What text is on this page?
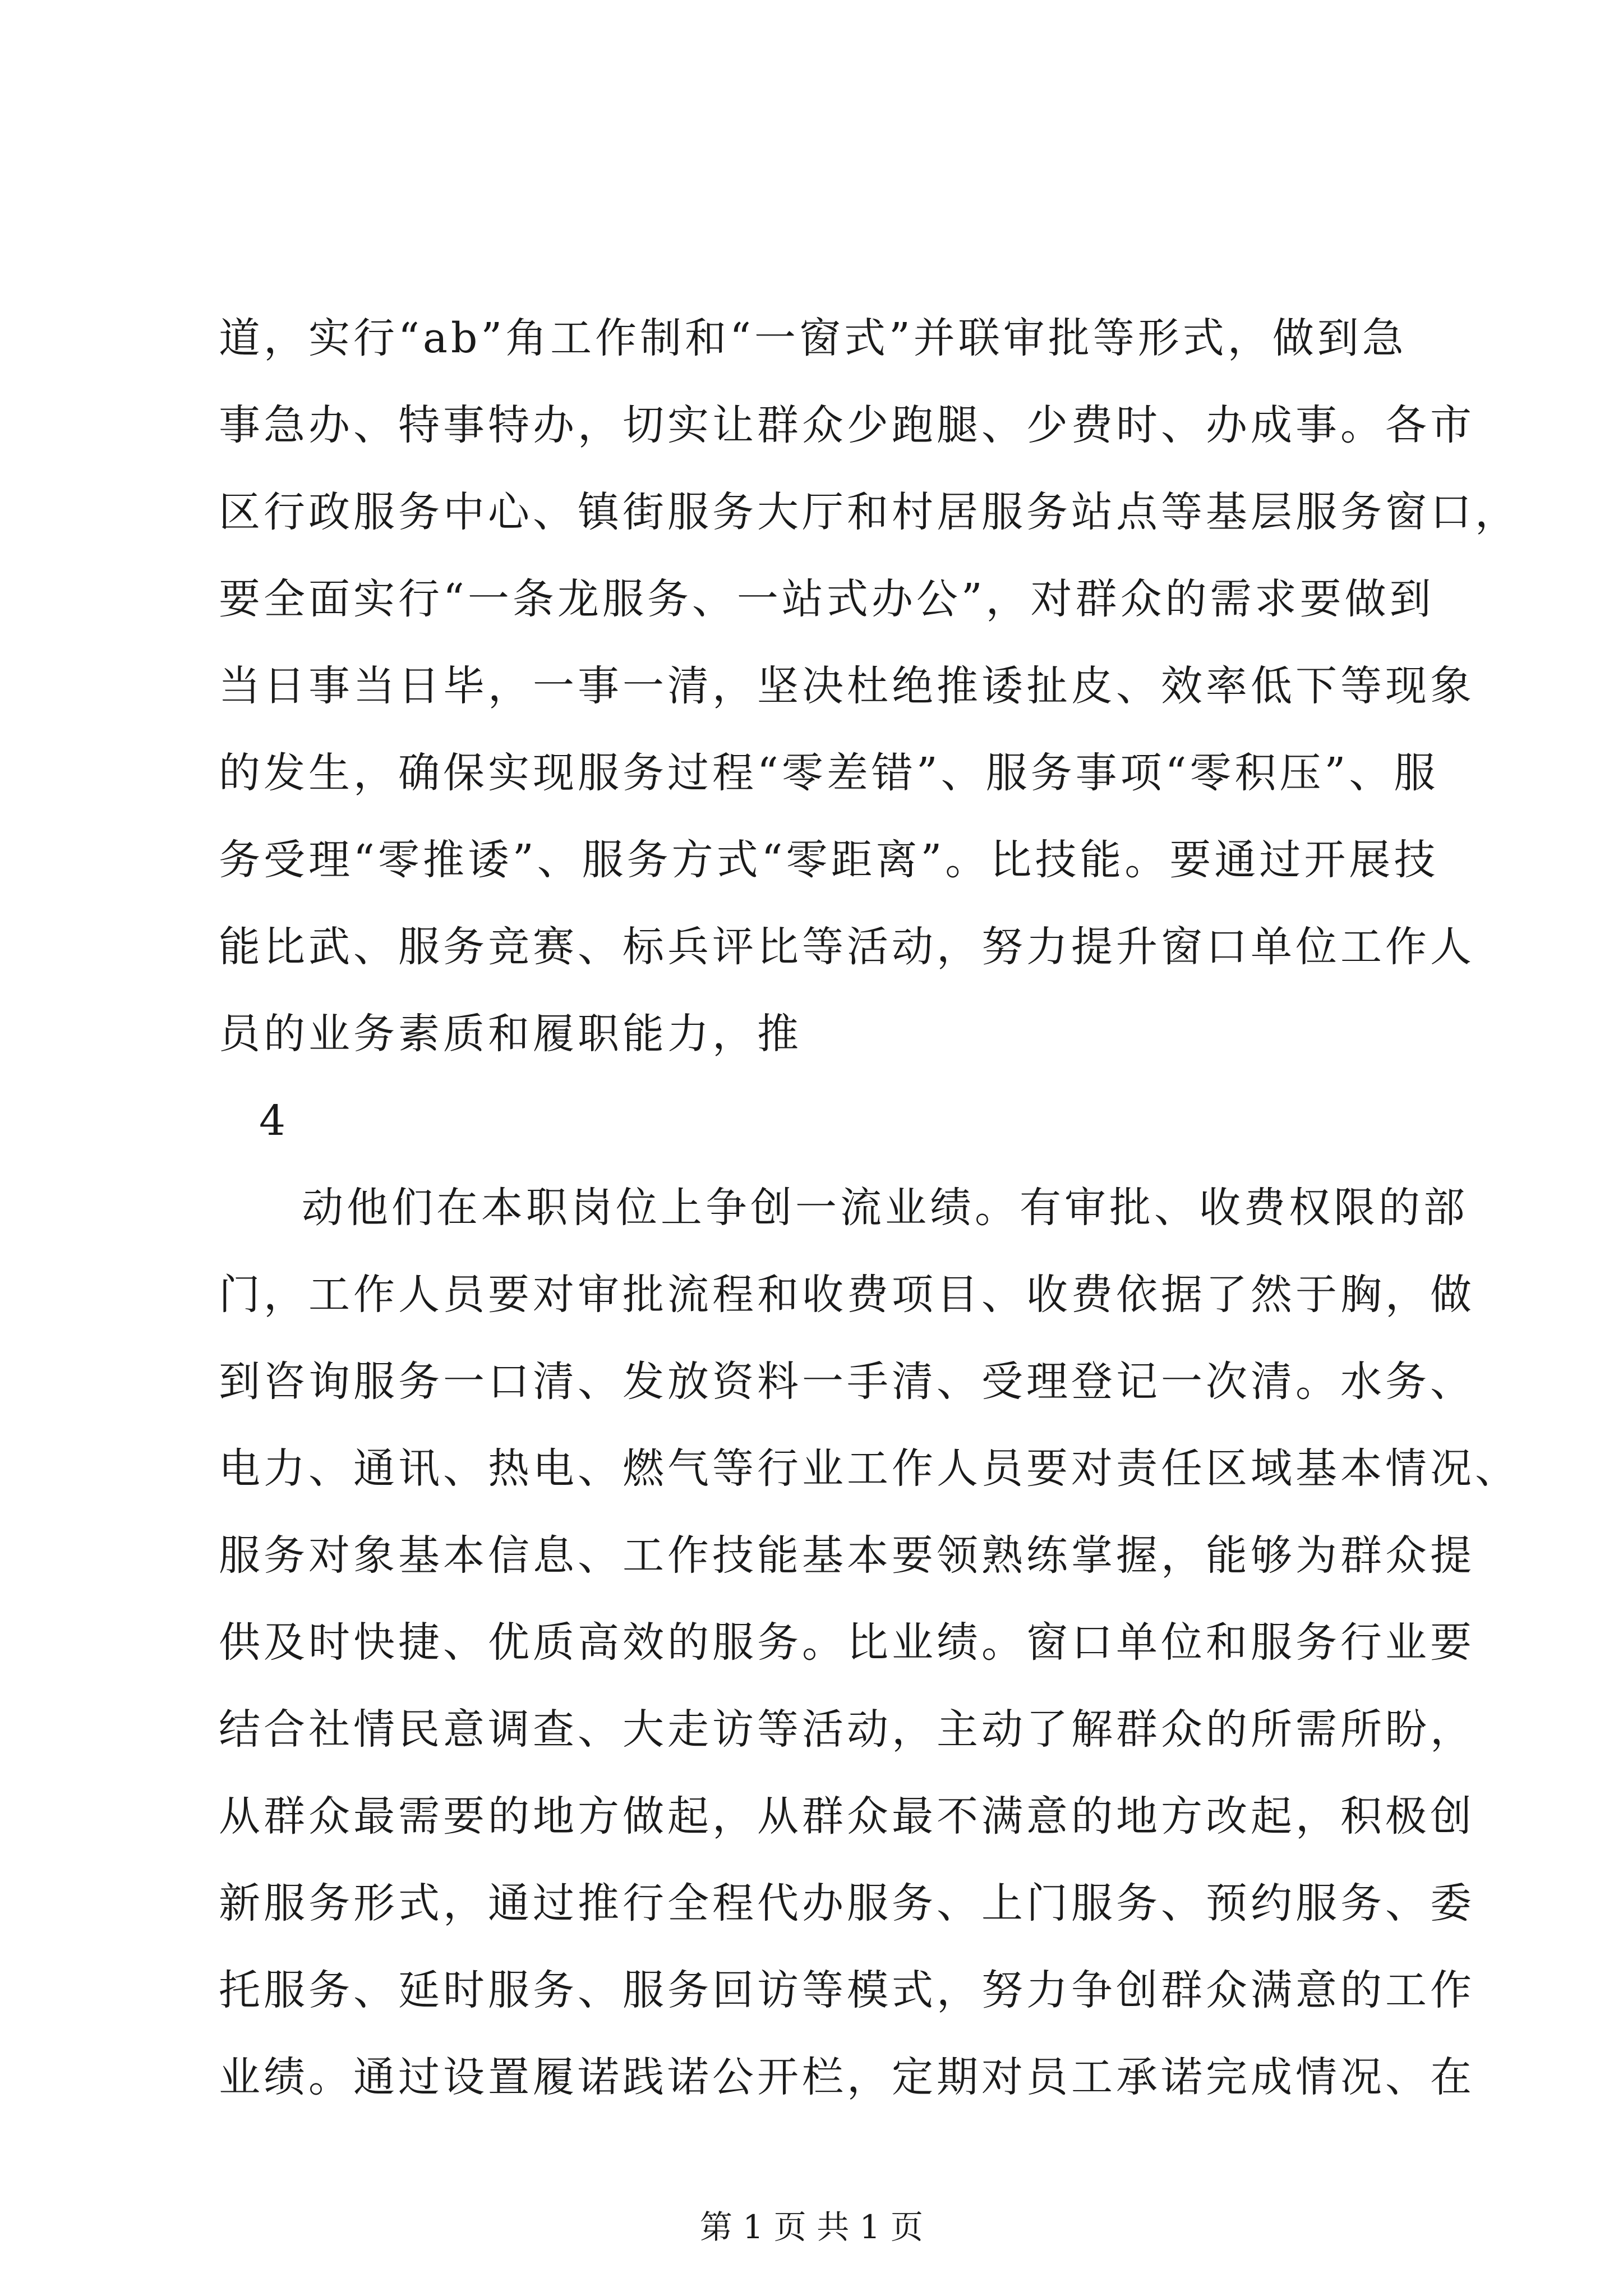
道，实行“ab”角工作制和“一窗式”并联审批等形式，做到急
事急办、特事特办，切实让群众少跑腿、少费时、办成事。各市
区行政服务中心、镇街服务大厅和村居服务站点等基层服务窗口，
要全面实行“一条龙服务、一站式办公”，对群众的需求要做到
当日事当日毕，一事一清，坚决杜绝推诿扯皮、效率低下等现象
的发生，确保实现服务过程“零差错”、服务事项“零积压”、服
务受理“零推诿”、服务方式“零距离”。比技能。要通过开展技
能比武、服务竞赛、标兵评比等活动，努力提升窗口单位工作人
员的业务素质和履职能力，推
4
动他们在本职岗位上争创一流业绩。有审批、收费权限的部
门，工作人员要对审批流程和收费项目、收费依据了然于胸，做
到咨询服务一口清、发放资料一手清、受理登记一次清。水务、
电力、通讯、热电、燃气等行业工作人员要对责任区域基本情况、
服务对象基本信息、工作技能基本要领熟练掌握，能够为群众提
供及时快捷、优质高效的服务。比业绩。窗口单位和服务行业要
结合社情民意调查、大走访等活动，主动了解群众的所需所盼，
从群众最需要的地方做起，从群众最不满意的地方改起，积极创
新服务形式，通过推行全程代办服务、上门服务、预约服务、委
托服务、延时服务、服务回访等模式，努力争创群众满意的工作
业绩。通过设置履诺践诺公开栏，定期对员工承诺完成情况、在
第 1 页 共 1 页
